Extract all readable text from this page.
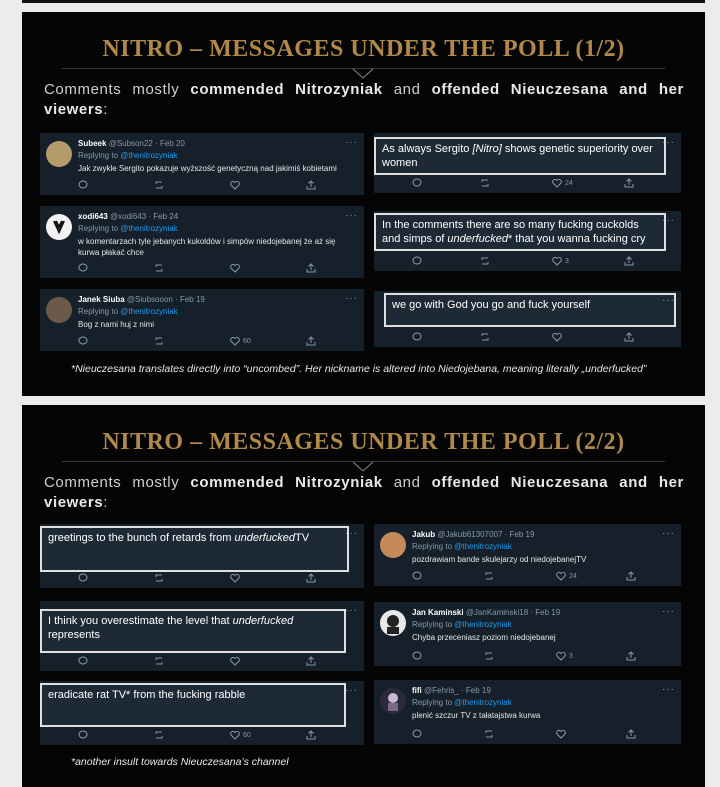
NITRO – MESSAGES UNDER THE POLL (1/2)
Comments mostly commended Nitrozyniak and offended Nieuczesana and her viewers:
Subeek @Subson22 · Feb 20	···
Replying to @thenitrozyniak
Jak zwykle Sergito pokazuje wyższość genetyczną nad jakimiś kobietami
xodi643 @xodi643 · Feb 24	···
Replying to @thenitrozyniak
w komentarzach tyle jebanych kukoldów i simpów niedojebanej że aż się kurwa płakać chce
Janek Siuba @Siubsooon · Feb 19	···
Replying to @thenitrozyniak
Bog z nami huj z nimi
60
As always Sergito [Nitro] shows genetic superiority over women
···
24
In the comments there are so many fucking cuckolds and simps of underfucked* that you wanna fucking cry
···
3
we go with God you go and fuck yourself	···
*Nieuczesana translates directly into “uncombed”. Her nickname is altered into Niedojebana, meaning literally „underfucked”
NITRO – MESSAGES UNDER THE POLL (2/2)
Comments mostly commended Nitrozyniak and offended Nieuczesana and her viewers:
greetings to the bunch of retards from underfuckedTV	···
I think you overestimate the level that underfucked represents
···
eradicate rat TV* from the fucking rabble	···
60
Jakub @Jakub61307007 · Feb 19	···
Replying to @thenitrozyniak
pozdrawiam bande skulejarzy od niedojebanejTV
24
Jan Kaminski @JanKaminski18 · Feb 19	···
Replying to @thenitrozyniak
Chyba przeceniasz poziom niedojebanej
3
fifi @Fehris_ · Feb 19	···
Replying to @thenitrozyniak
plenić szczur TV z tałatajstwa kurwa
*another insult towards Nieuczesana’s channel
